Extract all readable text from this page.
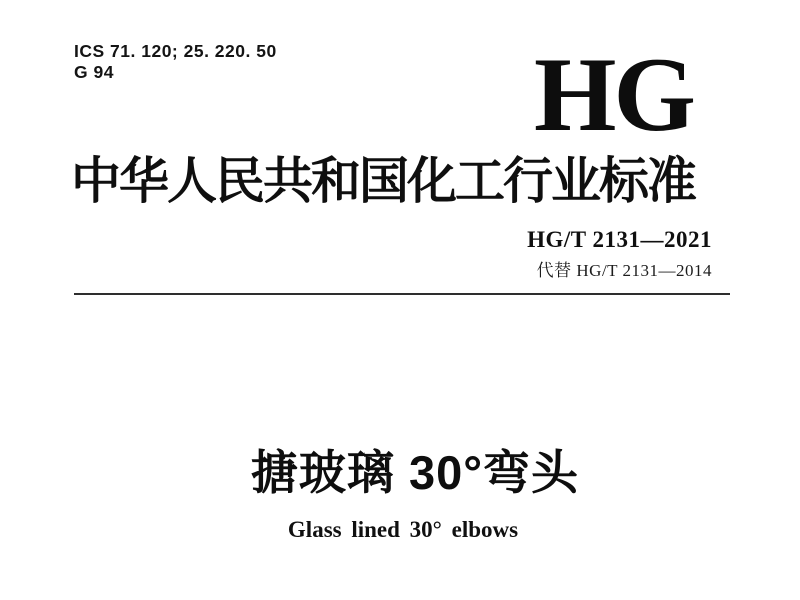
ICS 71. 120; 25. 220. 50
G 94	HG
中华人民共和国化工行业标准
HG/T 2131—2021
代替 HG/T 2131—2014
搪玻璃 30°弯头
Glass lined 30° elbows
